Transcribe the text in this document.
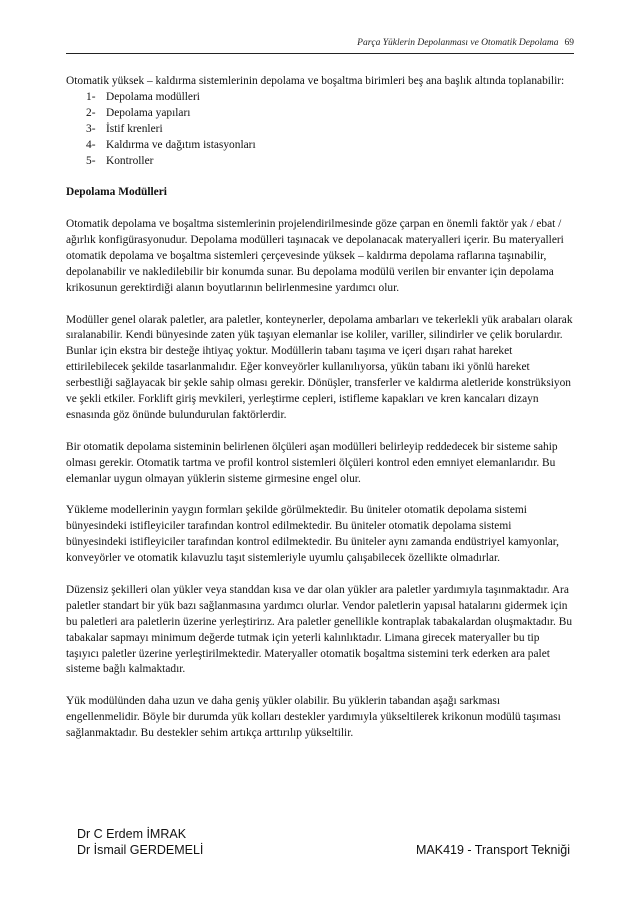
Parça Yüklerin Depolanması ve Otomatik Depolama 69

Otomatik yüksek – kaldırma sistemlerinin depolama ve boşaltma birimleri beş ana başlık altında toplanabilir:

1- Depolama modülleri
2- Depolama yapıları
3- İstif krenleri
4- Kaldırma ve dağıtım istasyonları
5- Kontroller
Depolama Modülleri

Otomatik depolama ve boşaltma sistemlerinin projelendirilmesinde göze çarpan en önemli faktör yak / ebat / ağırlık konfigürasyonudur. Depolama modülleri taşınacak ve depolanacak materyalleri içerir. Bu materyalleri otomatik depolama ve boşaltma sistemleri çerçevesinde yüksek – kaldırma depolama raflarına taşınabilir, depolanabilir ve nakledilebilir bir konumda sunar. Bu depolama modülü verilen bir envanter için depolama krikosunun gerektirdiği alanın boyutlarının belirlenmesine yardımcı olur.

Modüller genel olarak paletler, ara paletler, konteynerler, depolama ambarları ve tekerlekli yük arabaları olarak sıralanabilir. Kendi bünyesinde zaten yük taşıyan elemanlar ise koliler, variller, silindirler ve çelik borulardır. Bunlar için ekstra bir desteğe ihtiyaç yoktur. Modüllerin tabanı taşıma ve içeri dışarı rahat hareket ettirilebilecek şekilde tasarlanmalıdır. Eğer konveyörler kullanılıyorsa, yükün tabanı iki yönlü hareket serbestliği sağlayacak bir şekle sahip olması gerekir. Dönüşler, transferler ve kaldırma aletleride konstrüksiyon ve şekli etkiler. Forklift giriş mevkileri, yerleştirme cepleri, istifleme kapakları ve kren kancaları dizayn esnasında göz önünde bulundurulan faktörlerdir.

Bir otomatik depolama sisteminin belirlenen ölçüleri aşan modülleri belirleyip reddedecek bir sisteme sahip olması gerekir. Otomatik tartma ve profil kontrol sistemleri ölçüleri kontrol eden emniyet elemanlarıdır. Bu elemanlar uygun olmayan yüklerin sisteme girmesine engel olur.

Yükleme modellerinin yaygın formları şekilde görülmektedir. Bu üniteler otomatik depolama sistemi bünyesindeki istifleyiciler tarafından kontrol edilmektedir. Bu üniteler otomatik depolama sistemi bünyesindeki istifleyiciler tarafından kontrol edilmektedir. Bu üniteler aynı zamanda endüstriyel kamyonlar, konveyörler ve otomatik kılavuzlu taşıt sistemleriyle uyumlu çalışabilecek özellikte olmadırlar.

Düzensiz şekilleri olan yükler veya standdan kısa ve dar olan yükler ara paletler yardımıyla taşınmaktadır. Ara paletler standart bir yük bazı sağlanmasına yardımcı olurlar. Vendor paletlerin yapısal hatalarını gidermek için bu paletleri ara paletlerin üzerine yerleştirirız. Ara paletler genellikle kontraplak tabakalardan oluşmaktadır. Bu tabakalar sapmayı minimum değerde tutmak için yeterli kalınlıktadır. Limana girecek materyaller bu tip taşıyıcı paletler üzerine yerleştirilmektedir. Materyaller otomatik boşaltma sistemini terk ederken ara palet sisteme bağlı kalmaktadır.

Yük modülünden daha uzun ve daha geniş yükler olabilir. Bu yüklerin tabandan aşağı sarkması engellenmelidir. Böyle bir durumda yük kolları destekler yardımıyla yükseltilerek krikonun modülü taşıması sağlanmaktadır. Bu destekler sehim artıkça arttırılıp yükseltilir.

Dr C Erdem İMRAK
Dr İsmail GERDEMELİ	MAK419 - Transport Tekniği
